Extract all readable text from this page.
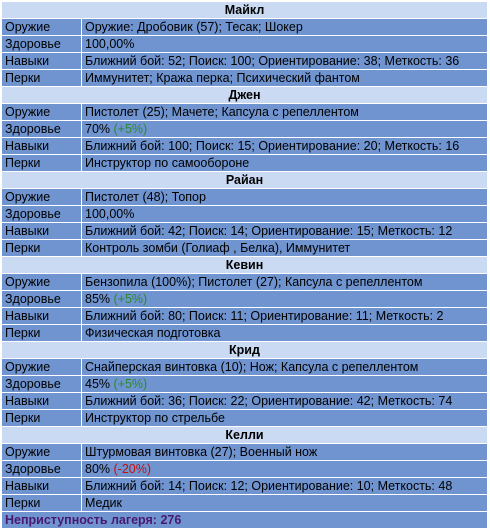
Майкл	
Оружие	Оружие: Дробовик (57); Тесак; Шокер
Здоровье	100,00%
Навыки	Ближний бой: 52; Поиск: 100; Ориентирование: 38; Меткость: 36
Перки	Иммунитет; Кража перка; Психический фантом
Джен	
Оружие	Пистолет (25); Мачете; Капсула с репеллентом
Здоровье	70% (+5%)
Навыки	Ближний бой: 100; Поиск: 15; Ориентирование: 20; Меткость: 16
Перки	Инструктор по самообороне
Райан	
Оружие	Пистолет (48); Топор
Здоровье	100,00%
Навыки	Ближний бой: 42; Поиск: 14; Ориентирование: 15; Меткость: 12
Перки	Контроль зомби (Голиаф , Белка), Иммунитет
Кевин	
Оружие	Бензопила (100%); Пистолет (27); Капсула с репеллентом
Здоровье	85% (+5%)
Навыки	Ближний бой: 80; Поиск: 11; Ориентирование: 11; Меткость: 2
Перки	Физическая подготовка
Крид	
Оружие	Снайперская винтовка (10); Нож; Капсула с репеллентом
Здоровье	45% (+5%)
Навыки	Ближний бой: 36; Поиск: 22; Ориентирование: 42; Меткость: 74
Перки	Инструктор по стрельбе
Келли	
Оружие	Штурмовая винтовка (27); Военный нож
Здоровье	80% (-20%)
Навыки	Ближний бой: 14; Поиск: 12; Ориентирование: 10; Меткость: 48
Перки	Медик
Неприступность лагеря: 276	
